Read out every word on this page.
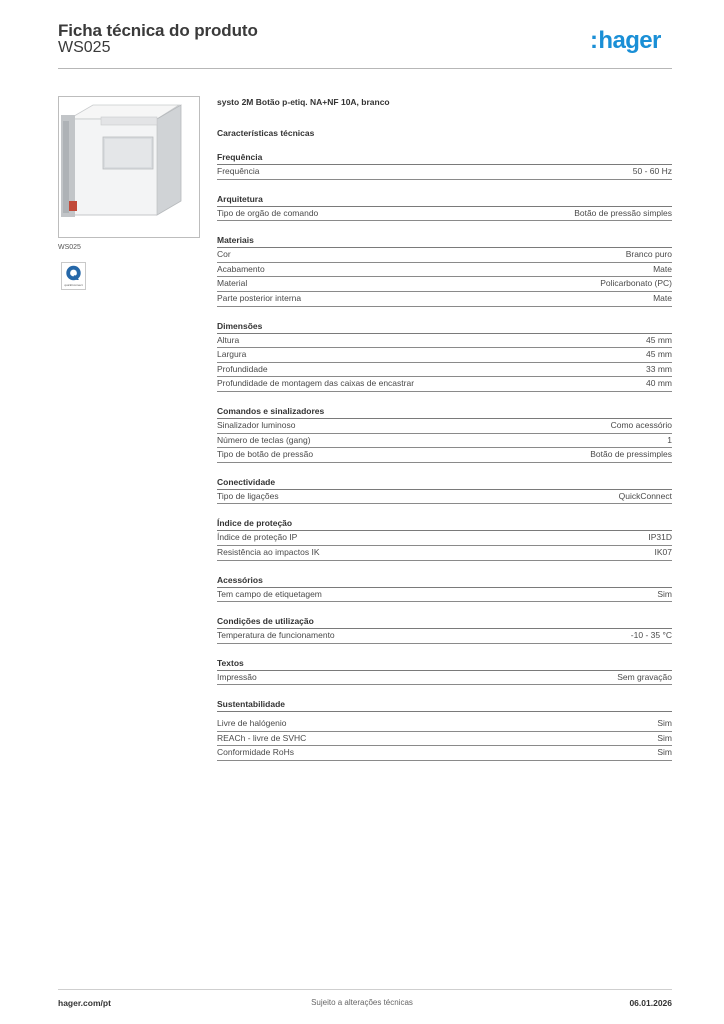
Ficha técnica do produto
WS025	:hager
WS025
quickConnect
systo 2M Botão p-etiq. NA+NF 10A, branco
Características técnicas
Frequência
Frequência	50 - 60 Hz
Arquitetura
Tipo de orgão de comando	Botão de pressão simples
Materiais
Cor	Branco puro
Acabamento	Mate
Material	Policarbonato (PC)
Parte posterior interna	Mate
Dimensões
Altura	45 mm
Largura	45 mm
Profundidade	33 mm
Profundidade de montagem das caixas de encastrar	40 mm
Comandos e sinalizadores
Sinalizador luminoso	Como acessório
Número de teclas (gang)	1
Tipo de botão de pressão	Botão de pressimples
Conectividade
Tipo de ligações	QuickConnect
Índice de proteção
Índice de proteção IP	IP31D
Resistência ao impactos IK	IK07
Acessórios
Tem campo de etiquetagem	Sim
Condições de utilização
Temperatura de funcionamento	-10 - 35 °C
Textos
Impressão	Sem gravação
Sustentabilidade
Livre de halógenio	Sim
REACh - livre de SVHC	Sim
Conformidade RoHs	Sim
hager.com/pt	Sujeito a alterações técnicas	06.01.2026
